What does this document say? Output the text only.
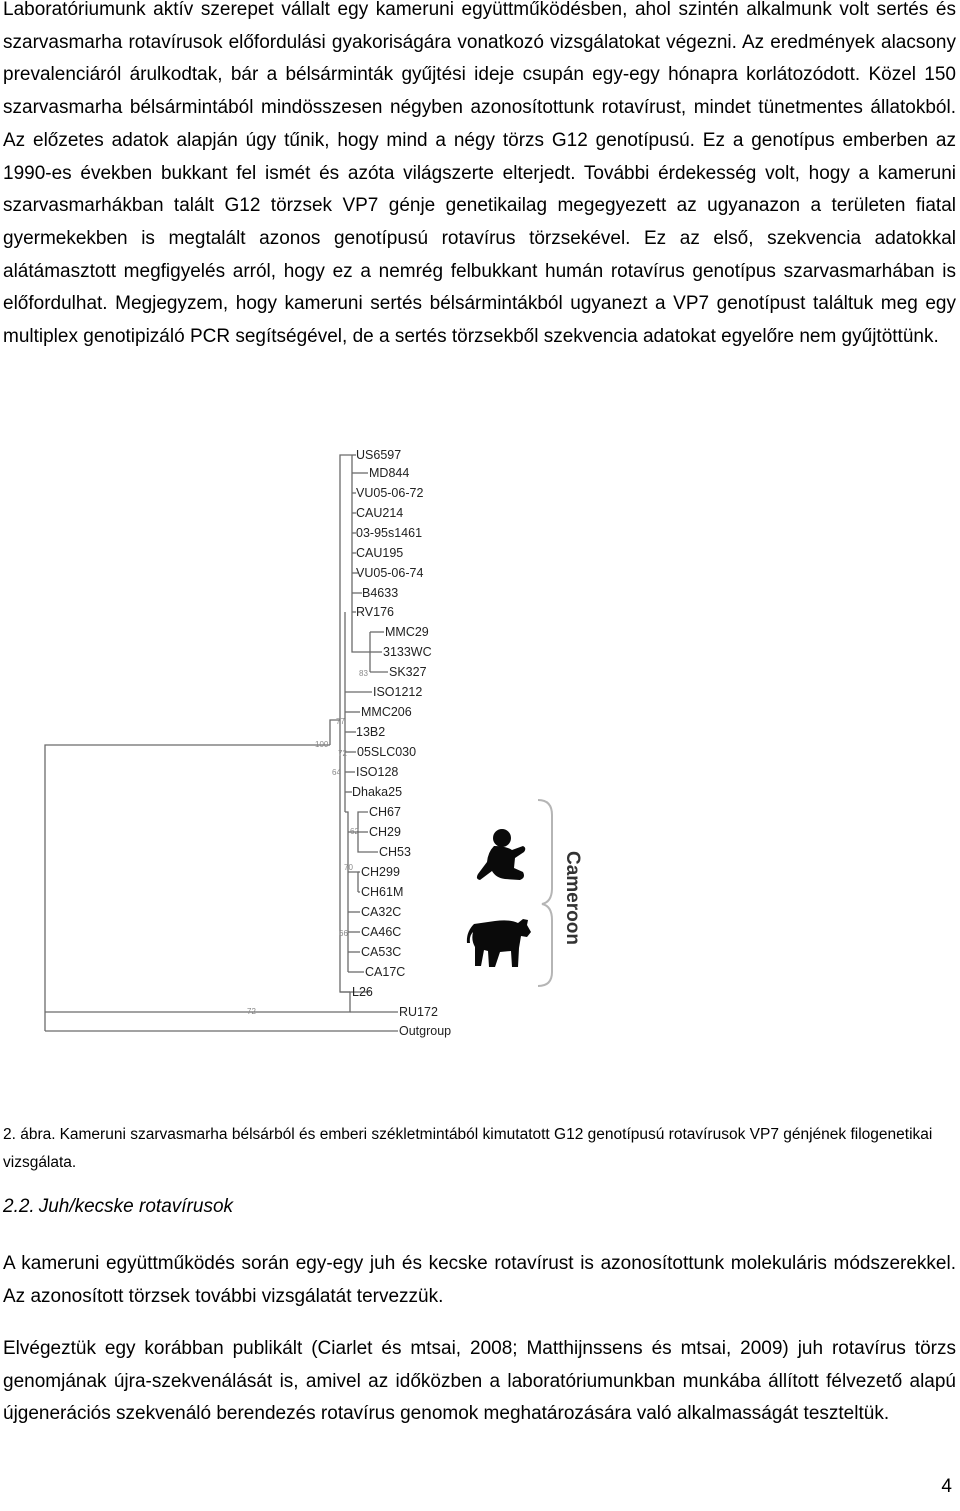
Laboratóriumunk aktív szerepet vállalt egy kameruni együttműködésben, ahol szintén alkalmunk volt sertés és szarvasmarha rotavírusok előfordulási gyakoriságára vonatkozó vizsgálatokat végezni. Az eredmények alacsony prevalenciáról árulkodtak, bár a bélsárminták gyűjtési ideje csupán egy-egy hónapra korlátozódott. Közel 150 szarvasmarha bélsármintából mindösszesen négyben azonosítottunk rotavírust, mindet tünetmentes állatokból. Az előzetes adatok alapján úgy tűnik, hogy mind a négy törzs G12 genotípusú. Ez a genotípus emberben az 1990-es években bukkant fel ismét és azóta világszerte elterjedt. További érdekesség volt, hogy a kameruni szarvasmarhákban talált G12 törzsek VP7 génje genetikailag megegyezett az ugyanazon a területen fiatal gyermekekben is megtalált azonos genotípusú rotavírus törzsekével. Ez az első, szekvencia adatokkal alátámasztott megfigyelés arról, hogy ez a nemrég felbukkant humán rotavírus genotípus szarvasmarhában is előfordulhat. Megjegyzem, hogy kameruni sertés bélsármintákból ugyanezt a VP7 genotípust találtuk meg egy multiplex genotipizáló PCR segítségével, de a sertés törzsekből szekvencia adatokat egyelőre nem gyűjtöttünk.

US6597
MD844
VU05-06-72
CAU214
03-95s1461
CAU195
VU05-06-74
B4633
RV176
MMC29
3133WC
SK327
ISO1212
MMC206
13B2
05SLC030
ISO128
Dhaka25
CH67
CH29
CH53
CH299
CH61M
CA32C
CA46C
CA53C
CA17C
L26
RU172
Outgroup
83
77
100
72
64
62
70
66
72
Cameroon

2. ábra. Kameruni szarvasmarha bélsárból és emberi székletmintából kimutatott G12 genotípusú rotavírusok VP7 génjének filogenetikai vizsgálata.

2.2. Juh/kecske rotavírusok

A kameruni együttműködés során egy-egy juh és kecske rotavírust is azonosítottunk molekuláris módszerekkel. Az azonosított törzsek további vizsgálatát tervezzük.

Elvégeztük egy korábban publikált (Ciarlet és mtsai, 2008; Matthijnssens és mtsai, 2009) juh rotavírus törzs genomjának újra-szekvenálását is, amivel az időközben a laboratóriumunkban munkába állított félvezető alapú újgenerációs szekvenáló berendezés rotavírus genomok meghatározására való alkalmasságát teszteltük.

4
